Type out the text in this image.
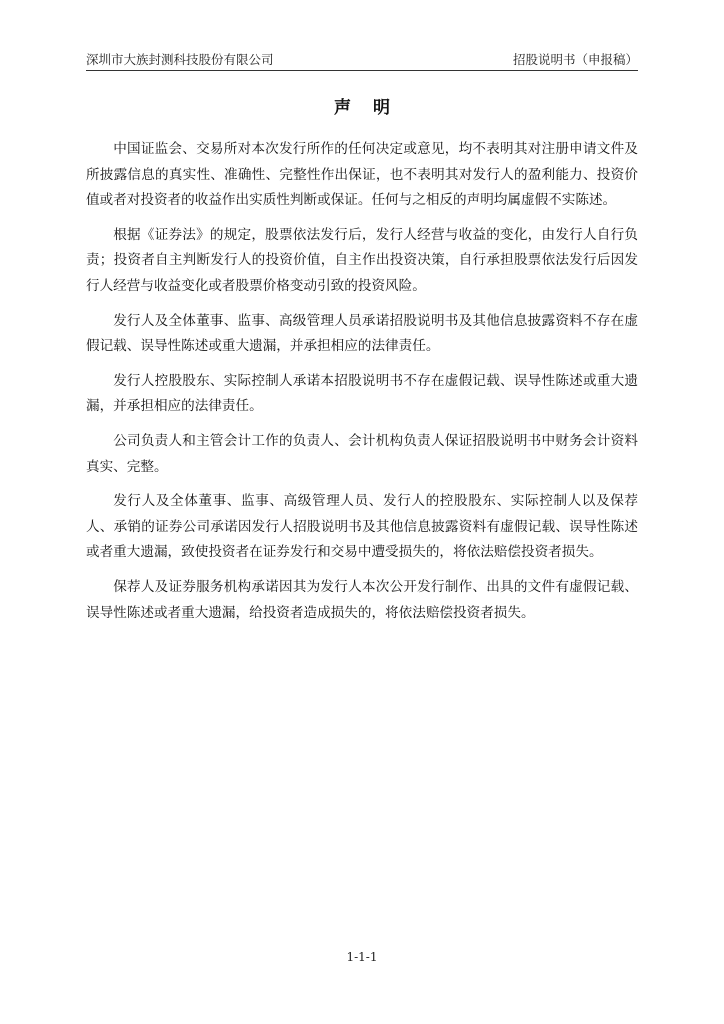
深圳市大族封测科技股份有限公司	招股说明书（申报稿）
声明

中国证监会、交易所对本次发行所作的任何决定或意见，均不表明其对注册申请文件及所披露信息的真实性、准确性、完整性作出保证，也不表明其对发行人的盈利能力、投资价值或者对投资者的收益作出实质性判断或保证。任何与之相反的声明均属虚假不实陈述。

根据《证券法》的规定，股票依法发行后，发行人经营与收益的变化，由发行人自行负责；投资者自主判断发行人的投资价值，自主作出投资决策，自行承担股票依法发行后因发行人经营与收益变化或者股票价格变动引致的投资风险。

发行人及全体董事、监事、高级管理人员承诺招股说明书及其他信息披露资料不存在虚假记载、误导性陈述或重大遗漏，并承担相应的法律责任。

发行人控股股东、实际控制人承诺本招股说明书不存在虚假记载、误导性陈述或重大遗漏，并承担相应的法律责任。

公司负责人和主管会计工作的负责人、会计机构负责人保证招股说明书中财务会计资料真实、完整。

发行人及全体董事、监事、高级管理人员、发行人的控股股东、实际控制人以及保荐人、承销的证券公司承诺因发行人招股说明书及其他信息披露资料有虚假记载、误导性陈述或者重大遗漏，致使投资者在证券发行和交易中遭受损失的，将依法赔偿投资者损失。

保荐人及证券服务机构承诺因其为发行人本次公开发行制作、出具的文件有虚假记载、误导性陈述或者重大遗漏，给投资者造成损失的，将依法赔偿投资者损失。

1-1-1
